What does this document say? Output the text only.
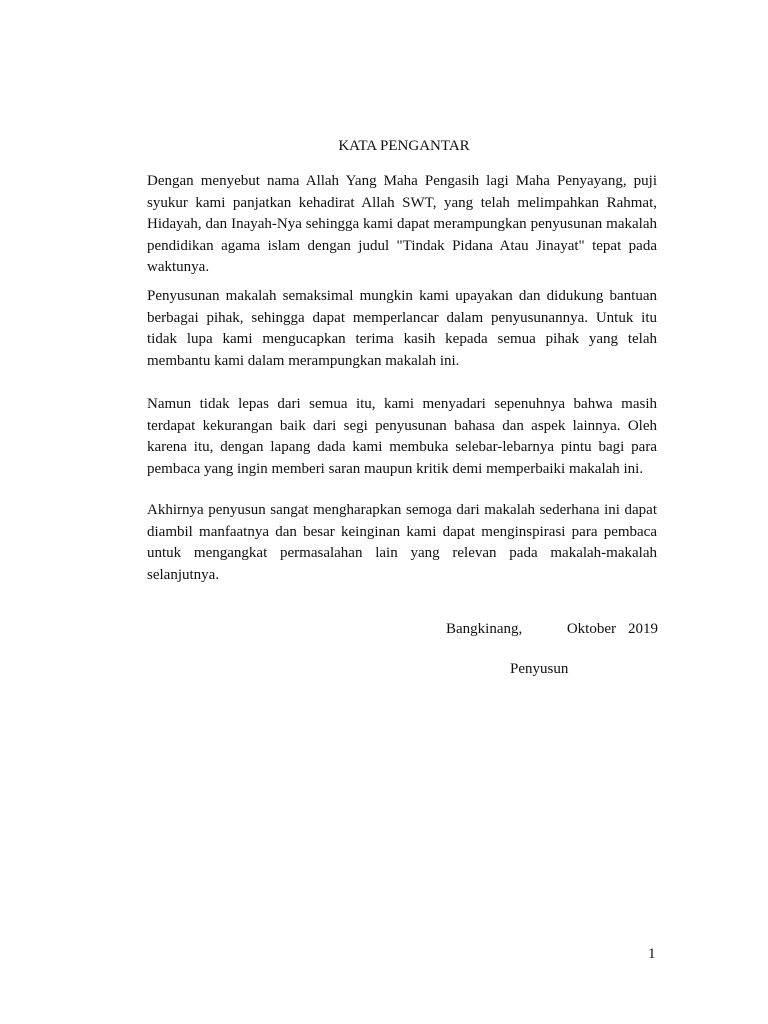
KATA PENGANTAR

Dengan menyebut nama Allah Yang Maha Pengasih lagi Maha Penyayang, puji syukur kami panjatkan kehadirat Allah SWT, yang telah melimpahkan Rahmat, Hidayah, dan Inayah-Nya sehingga kami dapat merampungkan penyusunan makalah pendidikan agama islam dengan judul "Tindak Pidana Atau Jinayat" tepat pada waktunya.

Penyusunan makalah semaksimal mungkin kami upayakan dan didukung bantuan berbagai pihak, sehingga dapat memperlancar dalam penyusunannya. Untuk itu tidak lupa kami mengucapkan terima kasih kepada semua pihak yang telah membantu kami dalam merampungkan makalah ini.

Namun tidak lepas dari semua itu, kami menyadari sepenuhnya bahwa masih terdapat kekurangan baik dari segi penyusunan bahasa dan aspek lainnya. Oleh karena itu, dengan lapang dada kami membuka selebar-lebarnya pintu bagi para pembaca yang ingin memberi saran maupun kritik demi memperbaiki makalah ini.

Akhirnya penyusun sangat mengharapkan semoga dari makalah sederhana ini dapat diambil manfaatnya dan besar keinginan kami dapat menginspirasi para pembaca untuk mengangkat permasalahan lain yang relevan pada makalah-makalah selanjutnya.

Bangkinang,	Oktober 2019
Penyusun
1
